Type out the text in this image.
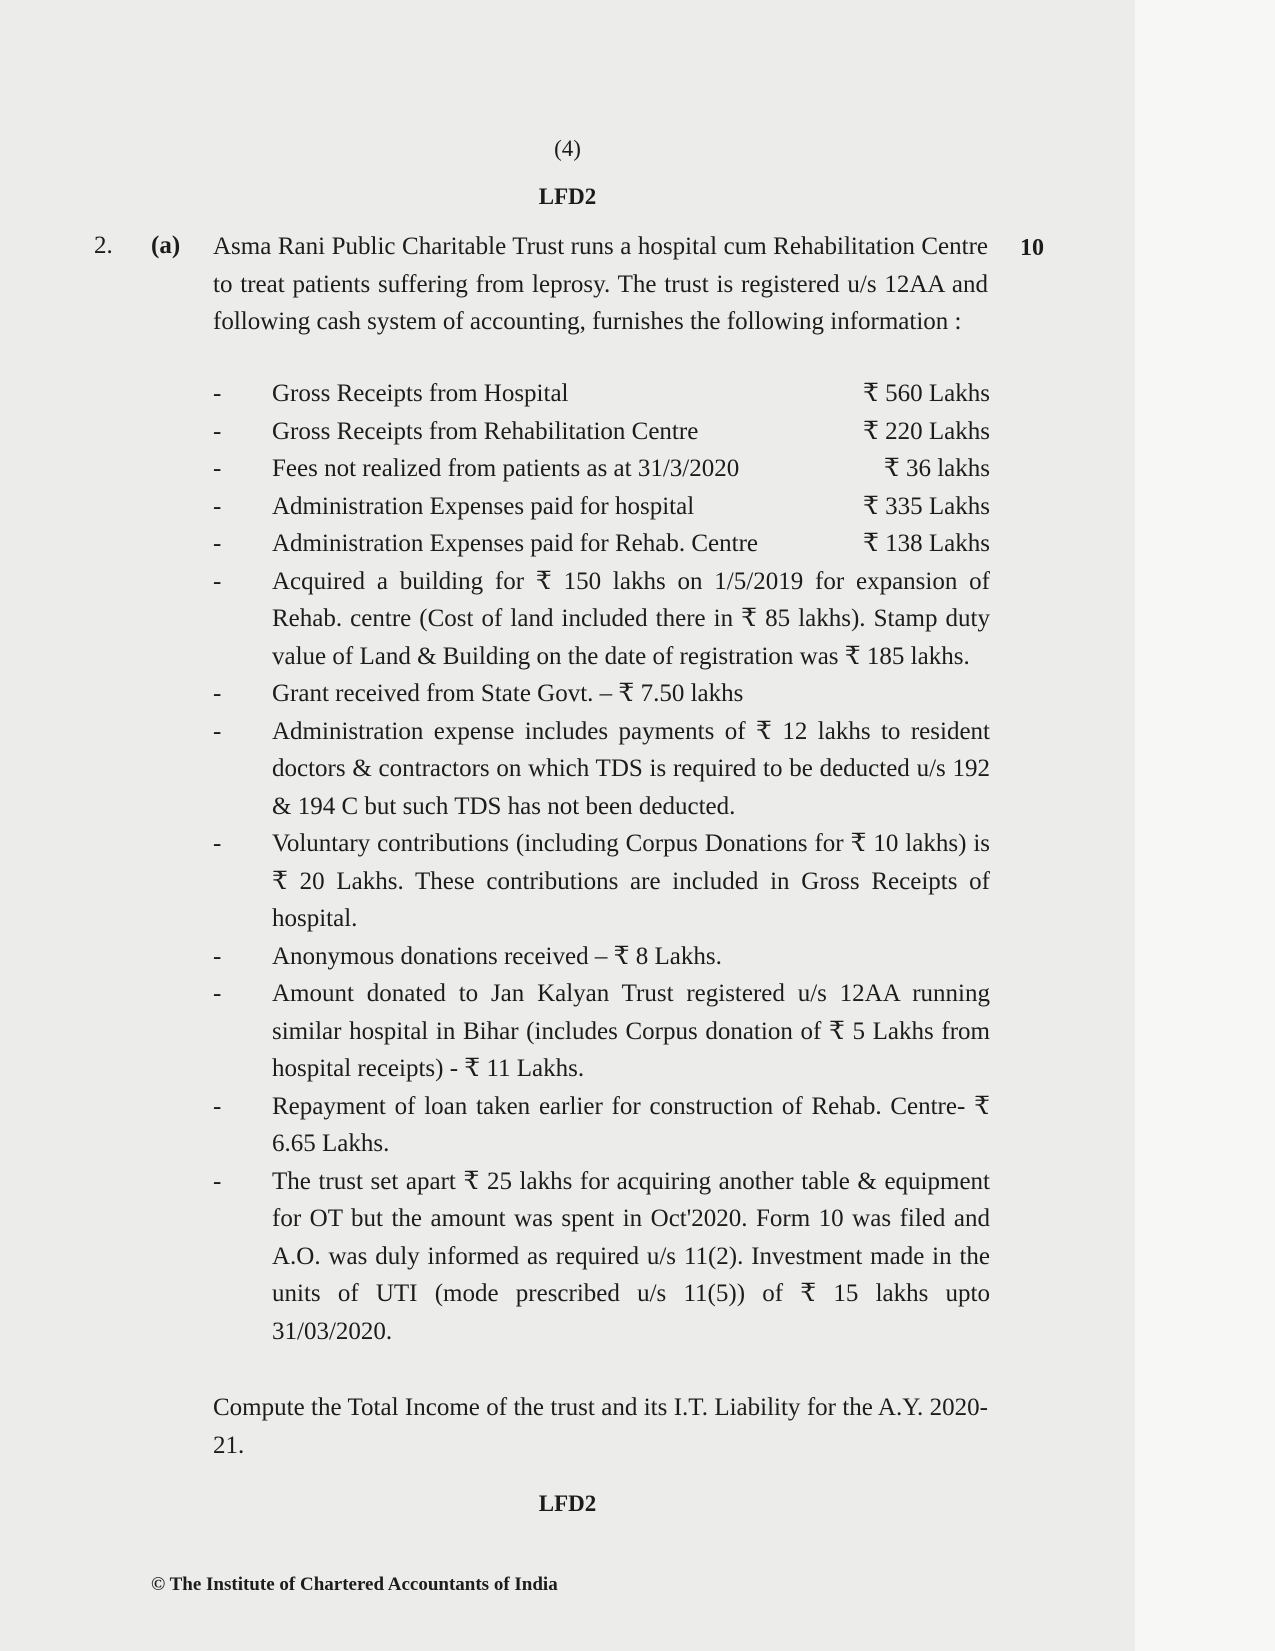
(4)
LFD2
2. (a)	10
Asma Rani Public Charitable Trust runs a hospital cum Rehabilitation Centre to treat patients suffering from leprosy. The trust is registered u/s 12AA and following cash system of accounting, furnishes the following information :
- Gross Receipts from Hospital	₹ 560 Lakhs
- Gross Receipts from Rehabilitation Centre	₹ 220 Lakhs
- Fees not realized from patients as at 31/3/2020	₹ 36 lakhs
- Administration Expenses paid for hospital	₹ 335 Lakhs
- Administration Expenses paid for Rehab. Centre	₹ 138 Lakhs
- Acquired a building for ₹ 150 lakhs on 1/5/2019 for expansion of Rehab. centre (Cost of land included there in ₹ 85 lakhs). Stamp duty value of Land & Building on the date of registration was ₹ 185 lakhs.
- Grant received from State Govt. – ₹ 7.50 lakhs
- Administration expense includes payments of ₹ 12 lakhs to resident doctors & contractors on which TDS is required to be deducted u/s 192 & 194 C but such TDS has not been deducted.
- Voluntary contributions (including Corpus Donations for ₹ 10 lakhs) is ₹ 20 Lakhs. These contributions are included in Gross Receipts of hospital.
- Anonymous donations received – ₹ 8 Lakhs.
- Amount donated to Jan Kalyan Trust registered u/s 12AA running similar hospital in Bihar (includes Corpus donation of ₹ 5 Lakhs from hospital receipts) - ₹ 11 Lakhs.
- Repayment of loan taken earlier for construction of Rehab. Centre- ₹ 6.65 Lakhs.
- The trust set apart ₹ 25 lakhs for acquiring another table & equipment for OT but the amount was spent in Oct'2020. Form 10 was filed and A.O. was duly informed as required u/s 11(2). Investment made in the units of UTI (mode prescribed u/s 11(5)) of ₹ 15 lakhs upto 31/03/2020.
Compute the Total Income of the trust and its I.T. Liability for the A.Y. 2020-21.
LFD2
© The Institute of Chartered Accountants of India
